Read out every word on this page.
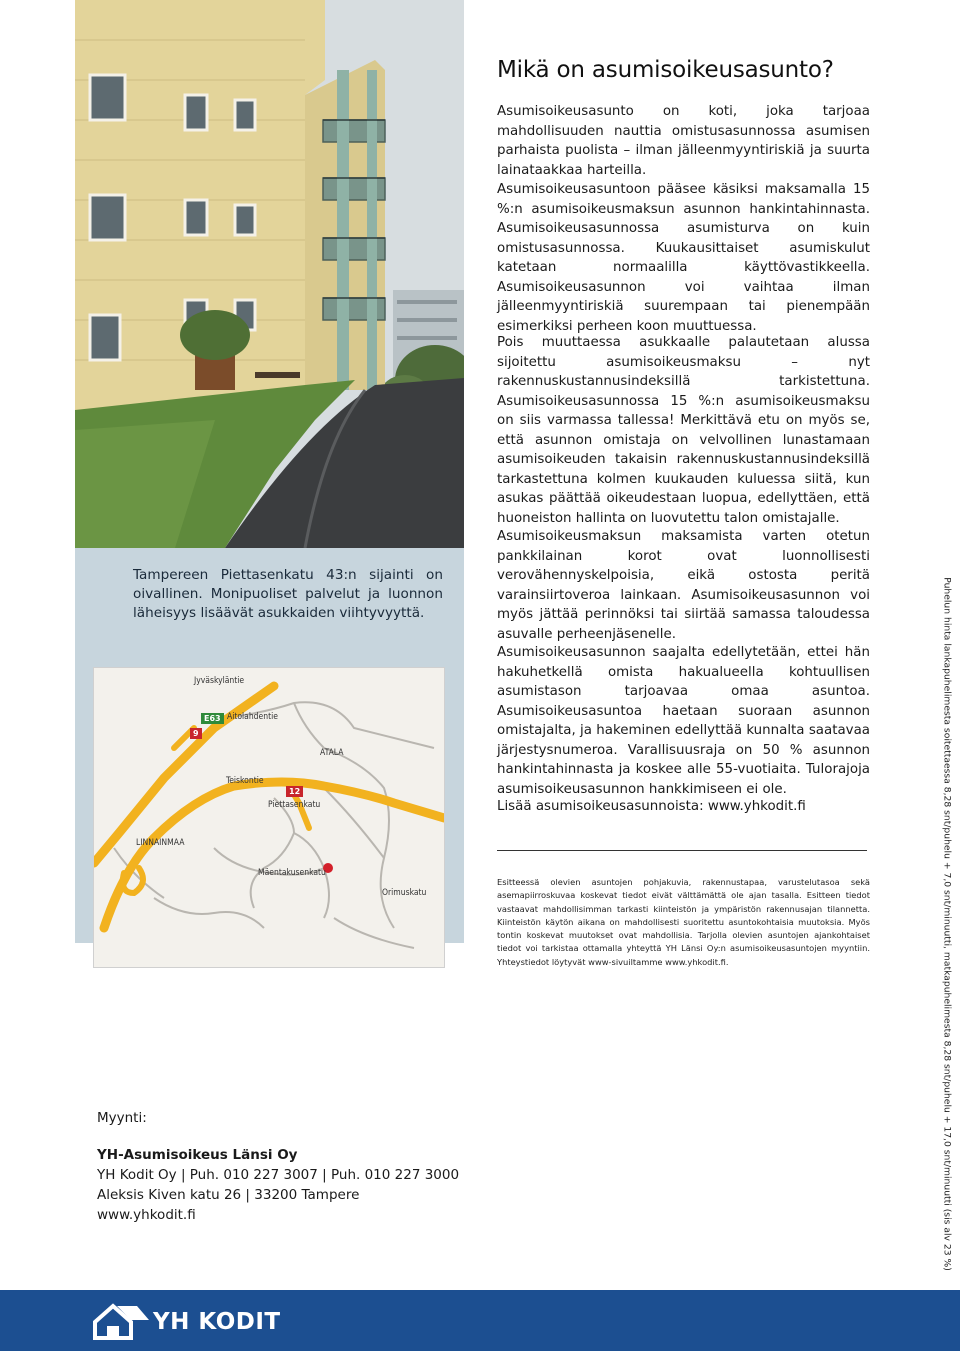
Tampereen Piettasenkatu 43:n sijainti on oivallinen. Monipuoliset palvelut ja luonnon läheisyys lisäävät asukkaiden viihtyvyyttä.
Jyväskyläntie
Aitolahdentie
ATALA
Teiskontie
Piettasenkatu
LINNAINMAA
Mäentakusenkatu
Orimuskatu
E63
9
12
Mikä on asumisoikeusasunto?

Asumisoikeusasunto on koti, joka tarjoaa mahdollisuuden nauttia omistusasunnossa asumisen parhaista puolista – ilman jälleenmyyntiriskiä ja suurta lainataakkaa harteilla.

Asumisoikeusasuntoon pääsee käsiksi maksamalla 15 %:n asumisoikeusmaksun asunnon hankintahinnasta. Asumisoikeusasunnossa asumisturva on kuin omistusasunnossa. Kuukausittaiset asumiskulut katetaan normaalilla käyttövastikkeella. Asumisoikeusasunnon voi vaihtaa ilman jälleenmyyntiriskiä suurempaan tai pienempään esimerkiksi perheen koon muuttuessa.

Pois muuttaessa asukkaalle palautetaan alussa sijoitettu asumisoikeusmaksu – nyt rakennuskustannusindeksillä tarkistettuna. Asumisoikeusasunnossa 15 %:n asumisoikeusmaksu on siis varmassa tallessa! Merkittävä etu on myös se, että asunnon omistaja on velvollinen lunastamaan asumisoikeuden takaisin rakennuskustannusindeksillä tarkastettuna kolmen kuukauden kuluessa siitä, kun asukas päättää oikeudestaan luopua, edellyttäen, että huoneiston hallinta on luovutettu talon omistajalle.

Asumisoikeusmaksun maksamista varten otetun pankkilainan korot ovat luonnollisesti verovähennyskelpoisia, eikä ostosta peritä varainsiirtoveroa lainkaan. Asumisoikeusasunnon voi myös jättää perinnöksi tai siirtää samassa taloudessa asuvalle perheenjäsenelle.

Asumisoikeusasunnon saajalta edellytetään, ettei hän hakuhetkellä omista hakualueella kohtuullisen asumistason tarjoavaa omaa asuntoa. Asumisoikeusasuntoa haetaan suoraan asunnon omistajalta, ja hakeminen edellyttää kunnalta saatavaa järjestysnumeroa. Varallisuusraja on 50 % asunnon hankintahinnasta ja koskee alle 55-vuotiaita. Tulorajoja asumisoikeusasunnon hankkimiseen ei ole.

Lisää asumisoikeusasunnoista: www.yhkodit.fi

Esitteessä olevien asuntojen pohjakuvia, rakennustapaa, varustelutasoa sekä asemapiirroskuvaa koskevat tiedot eivät välttämättä ole ajan tasalla. Esitteen tiedot vastaavat mahdollisimman tarkasti kiinteistön ja ympäristön rakennusajan tilannetta. Kiinteistön käytön aikana on mahdollisesti suoritettu asuntokohtaisia muutoksia. Myös tontin koskevat muutokset ovat mahdollisia. Tarjolla olevien asuntojen ajankohtaiset tiedot voi tarkistaa ottamalla yhteyttä YH Länsi Oy:n asumisoikeusasuntojen myyntiin. Yhteystiedot löytyvät www-sivuiltamme www.yhkodit.fi.	Puhelun hinta lankapuhelimesta soitettaessa 8,28 snt/puhelu + 7,0 snt/minuutti, matkapuhelimesta 8,28 snt/puhelu + 17,0 snt/minuutti (sis alv 23 %)
Myynti:
YH-Asumisoikeus Länsi Oy
YH Kodit Oy | Puh. 010 227 3007 | Puh. 010 227 3000
Aleksis Kiven katu 26 | 33200 Tampere
www.yhkodit.fi
YH KODIT
